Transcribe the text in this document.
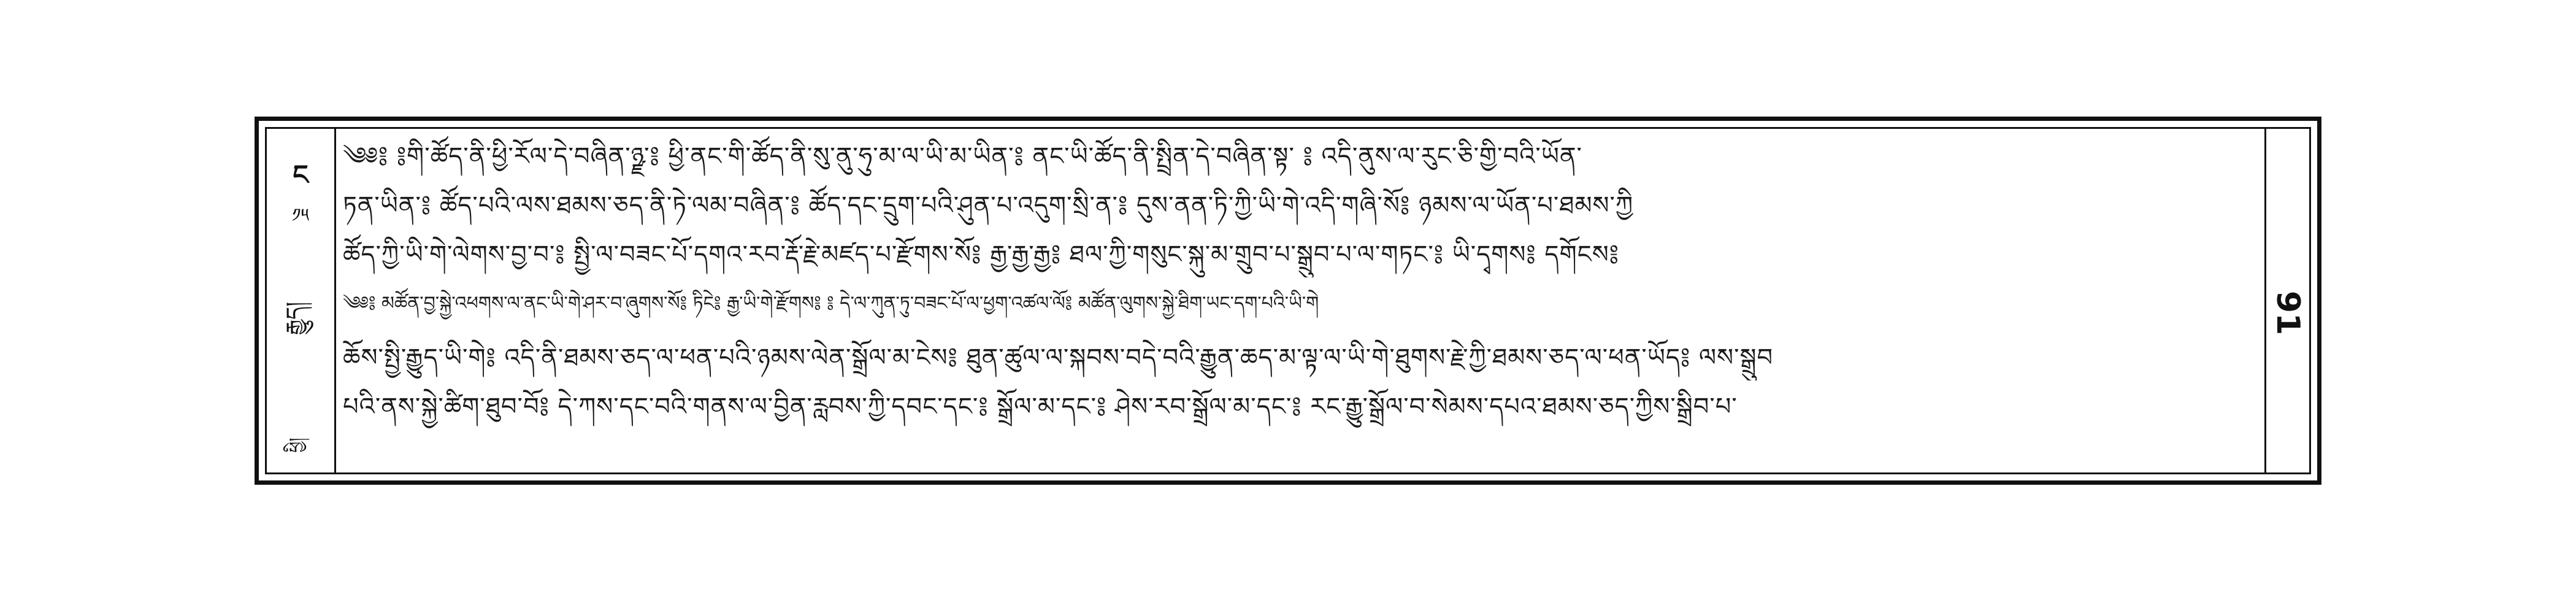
ང
༡༥
རྒྱུད།
ཕྱི།
༄༅༔ ༔གི་ཚོད་ནི་ཕྱི་རོལ་དེ་བཞིན་ཉྫ་༔ ཕྱི་ནང་གི་ཚོད་ནི་སུ་ནུ་ཧུ་མ་ལ་ཡི་མ་ཡིན་༔ ནང་ཡི་ཚོད་ནི་སྤྲིན་དེ་བཞིན་སྟ་ ༔ འདི་ནུས་ལ་རུང་ཅི་གྱི་བའི་ཡོན་
ཏན་ཡིན་༔ ཚོད་པའི་ལས་ཐམས་ཅད་ནི་ཏེ་ལམ་བཞིན་༔ ཚོད་དང་དྲུག་པའི་ཤུན་པ་འདུག་སྲི་ན་༔ དུས་ནན་ཏི་ཀྱི་ཡི་གེ་འདི་གཞི་སོ༔ ཉམས་ལ་ཡོན་པ་ཐམས་ཀྱི
ཚོད་ཀྱི་ཡི་གེ་ལེགས་བྱ་བ་༔ སྤྱི་ལ་བཟང་པོ་དགའ་རབ་རྡོ་རྗེ་མཛད་པ་རྫོགས་སོ༔ རྒྱ་རྒྱ་རྒྱ༔ ཐལ་ཀྱི་གསུང་སྐུ་མ་གྲུབ་པ་སྒྲུབ་པ་ལ་གཏང་༔ ཡི་དྭགས༔ དགོངས༔
༄༅༔ མཚོན་བྱ་སྐྱེ་འཕགས་ལ་ནང་ཡི་གེ་ཤར་བ་ཞུགས་སོ༔ ཏིངེ༔ རྒྱ་ཡི་གེ་རྫོགས༔ ༔ དེ་ལ་ཀུན་ཏུ་བཟང་པོ་ལ་ཕྱག་འཚལ་ལོ༔ མཚོན་ལུགས་སྐྱེ་ཐིག་ཡང་དག་པའི་ཡི་གེ
ཆོས་སྤྱི་རྒྱུད་ཡི་གེ༔ འདི་ནི་ཐམས་ཅད་ལ་ཕན་པའི་ཉམས་ལེན་སྒྲོལ་མ་ངེས༔ ཐུན་ཚུལ་ལ་སྐབས་བདེ་བའི་རྒྱུན་ཆད་མ་ལྟ་ལ་ཡི་གེ་ཐུགས་རྗེ་ཀྱི་ཐམས་ཅད་ལ་ཕན་ཡོད༔ ལས་སྒྲུབ
པའི་ནས་སྐྱེ་ཚིག་ཐུབ་བོ༔ དེ་ཀས་དང་བའི་གནས་ལ་བྱིན་རླབས་ཀྱི་དབང་དང་༔ སྒྲོལ་མ་དང་༔ ཤེས་རབ་སྒྲོལ་མ་དང་༔ རང་རྒྱུ་སྒྲོལ་བ་སེམས་དཔའ་ཐམས་ཅད་ཀྱིས་སྒྲིབ་པ་
91
